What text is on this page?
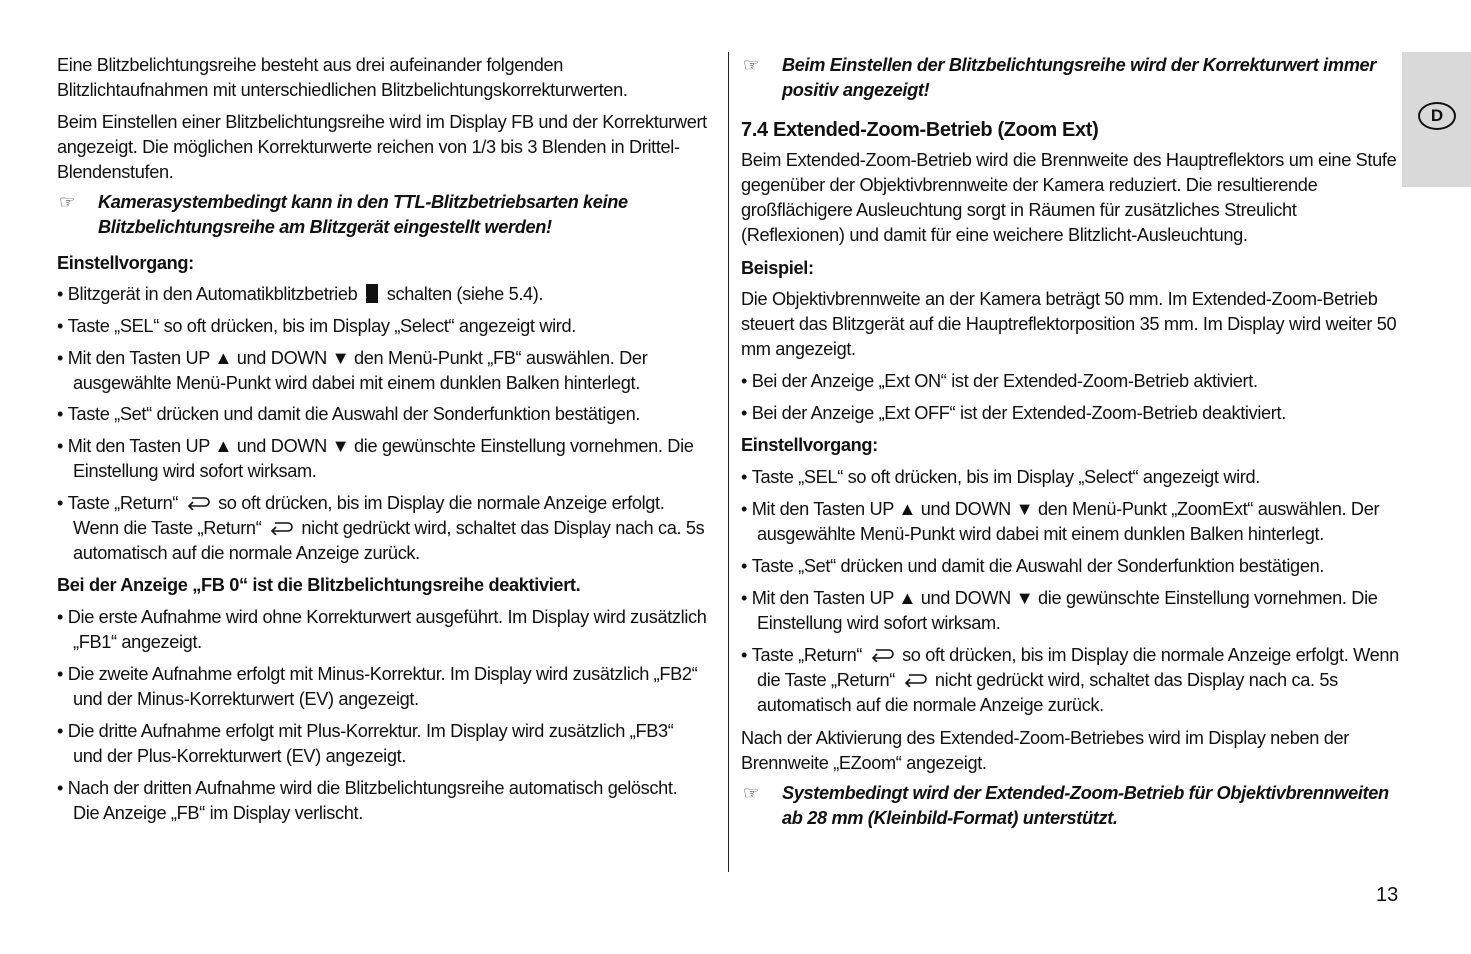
Eine Blitzbelichtungsreihe besteht aus drei aufeinander folgenden Blitzlichtaufnahmen mit unterschiedlichen Blitzbelichtungskorrekturwerten.

Beim Einstellen einer Blitzbelichtungsreihe wird im Display FB und der Korrekturwert angezeigt. Die möglichen Korrekturwerte reichen von 1/3 bis 3 Blenden in Drittel-Blendenstufen.

☞ Kamerasystembedingt kann in den TTL-Blitzbetriebsarten keine Blitzbelichtungsreihe am Blitzgerät eingestellt werden!

Einstellvorgang:

• Blitzgerät in den Automatikblitzbetrieb A schalten (siehe 5.4).

• Taste „SEL“ so oft drücken, bis im Display „Select“ angezeigt wird.

• Mit den Tasten UP ▲ und DOWN ▼ den Menü-Punkt „FB“ auswählen. Der ausgewählte Menü-Punkt wird dabei mit einem dunklen Balken hinterlegt.

• Taste „Set“ drücken und damit die Auswahl der Sonderfunktion bestätigen.

• Mit den Tasten UP ▲ und DOWN ▼ die gewünschte Einstellung vornehmen. Die Einstellung wird sofort wirksam.

• Taste „Return“ so oft drücken, bis im Display die normale Anzeige erfolgt. Wenn die Taste „Return“ nicht gedrückt wird, schaltet das Display nach ca. 5s automatisch auf die normale Anzeige zurück.

Bei der Anzeige „FB 0“ ist die Blitzbelichtungsreihe deaktiviert.

• Die erste Aufnahme wird ohne Korrekturwert ausgeführt. Im Display wird zusätzlich „FB1“ angezeigt.

• Die zweite Aufnahme erfolgt mit Minus-Korrektur. Im Display wird zusätzlich „FB2“ und der Minus-Korrekturwert (EV) angezeigt.

• Die dritte Aufnahme erfolgt mit Plus-Korrektur. Im Display wird zusätzlich „FB3“ und der Plus-Korrekturwert (EV) angezeigt.

• Nach der dritten Aufnahme wird die Blitzbelichtungsreihe automatisch gelöscht. Die Anzeige „FB“ im Display verlischt.

☞ Beim Einstellen der Blitzbelichtungsreihe wird der Korrekturwert immer positiv angezeigt!

7.4 Extended-Zoom-Betrieb (Zoom Ext)

Beim Extended-Zoom-Betrieb wird die Brennweite des Hauptreflektors um eine Stufe gegenüber der Objektivbrennweite der Kamera reduziert. Die resultierende großflächigere Ausleuchtung sorgt in Räumen für zusätzliches Streulicht (Reflexionen) und damit für eine weichere Blitzlicht-Ausleuchtung.

Beispiel:

Die Objektivbrennweite an der Kamera beträgt 50 mm. Im Extended-Zoom-Betrieb steuert das Blitzgerät auf die Hauptreflektorposition 35 mm. Im Display wird weiter 50 mm angezeigt.

• Bei der Anzeige „Ext ON“ ist der Extended-Zoom-Betrieb aktiviert.

• Bei der Anzeige „Ext OFF“ ist der Extended-Zoom-Betrieb deaktiviert.

Einstellvorgang:

• Taste „SEL“ so oft drücken, bis im Display „Select“ angezeigt wird.

• Mit den Tasten UP ▲ und DOWN ▼ den Menü-Punkt „ZoomExt“ auswählen. Der ausgewählte Menü-Punkt wird dabei mit einem dunklen Balken hinterlegt.

• Taste „Set“ drücken und damit die Auswahl der Sonderfunktion bestätigen.

• Mit den Tasten UP ▲ und DOWN ▼ die gewünschte Einstellung vornehmen. Die Einstellung wird sofort wirksam.

• Taste „Return“ so oft drücken, bis im Display die normale Anzeige erfolgt. Wenn die Taste „Return“ nicht gedrückt wird, schaltet das Display nach ca. 5s automatisch auf die normale Anzeige zurück.

Nach der Aktivierung des Extended-Zoom-Betriebes wird im Display neben der Brennweite „EZoom“ angezeigt.

☞ Systembedingt wird der Extended-Zoom-Betrieb für Objektivbrennweiten ab 28 mm (Kleinbild-Format) unterstützt.
D
13
